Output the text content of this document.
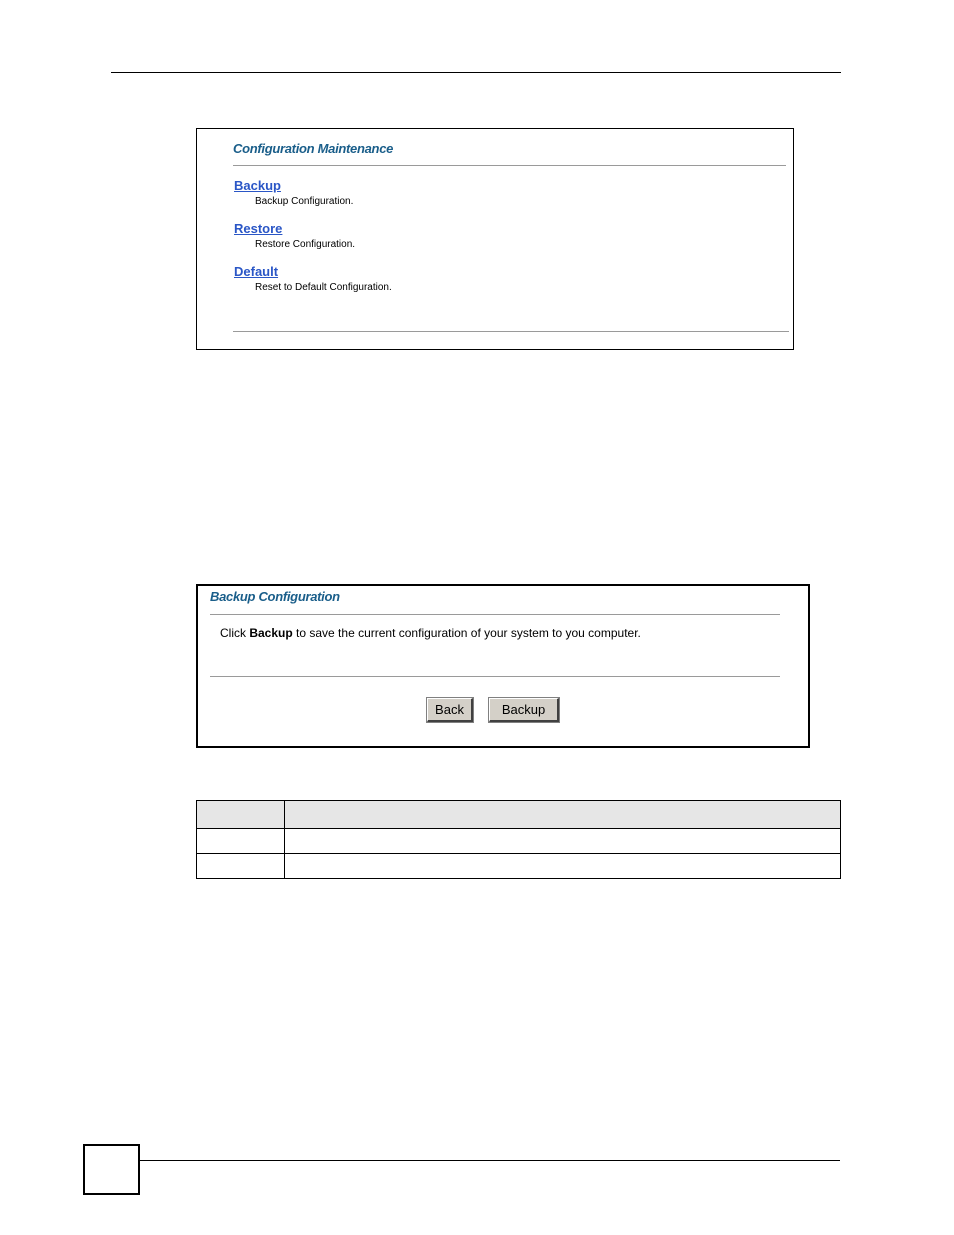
Configuration Maintenance
Backup
Backup Configuration.
Restore
Restore Configuration.
Default
Reset to Default Configuration.
Backup Configuration
Click Backup to save the current configuration of your system to you computer.
Back	Backup
